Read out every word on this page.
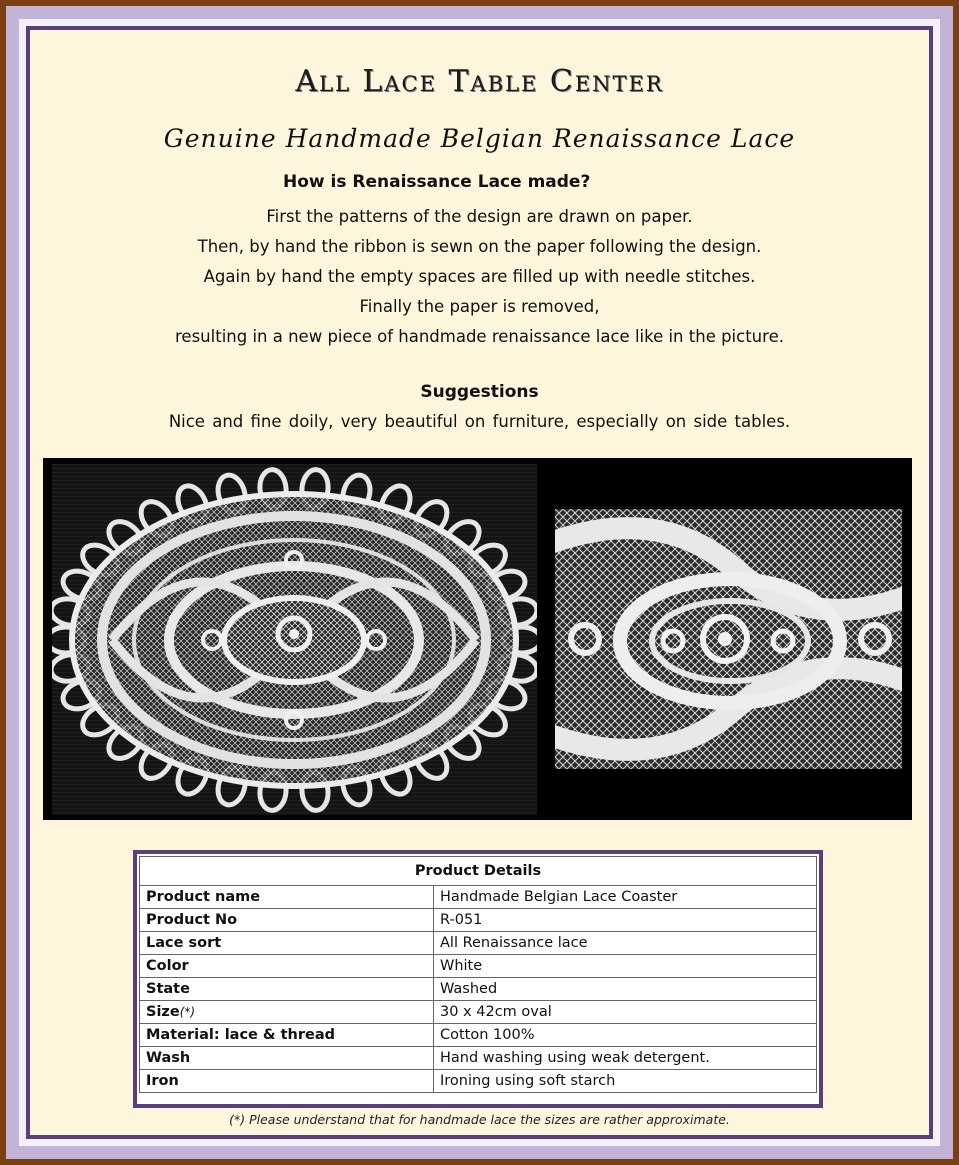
All Lace Table Center
Genuine Handmade Belgian Renaissance Lace
How is Renaissance Lace made?
First the patterns of the design are drawn on paper.
Then, by hand the ribbon is sewn on the paper following the design.
Again by hand the empty spaces are filled up with needle stitches.
Finally the paper is removed,
resulting in a new piece of handmade renaissance lace like in the picture.
Suggestions
Nice and fine doily, very beautiful on furniture, especially on side tables.
Product Details	
Product name	Handmade Belgian Lace Coaster
Product No	R-051
Lace sort	All Renaissance lace
Color	White
State	Washed
Size(*)	30 x 42cm oval
Material: lace & thread	Cotton 100%
Wash	Hand washing using weak detergent.
Iron	Ironing using soft starch
(*) Please understand that for handmade lace the sizes are rather approximate.
